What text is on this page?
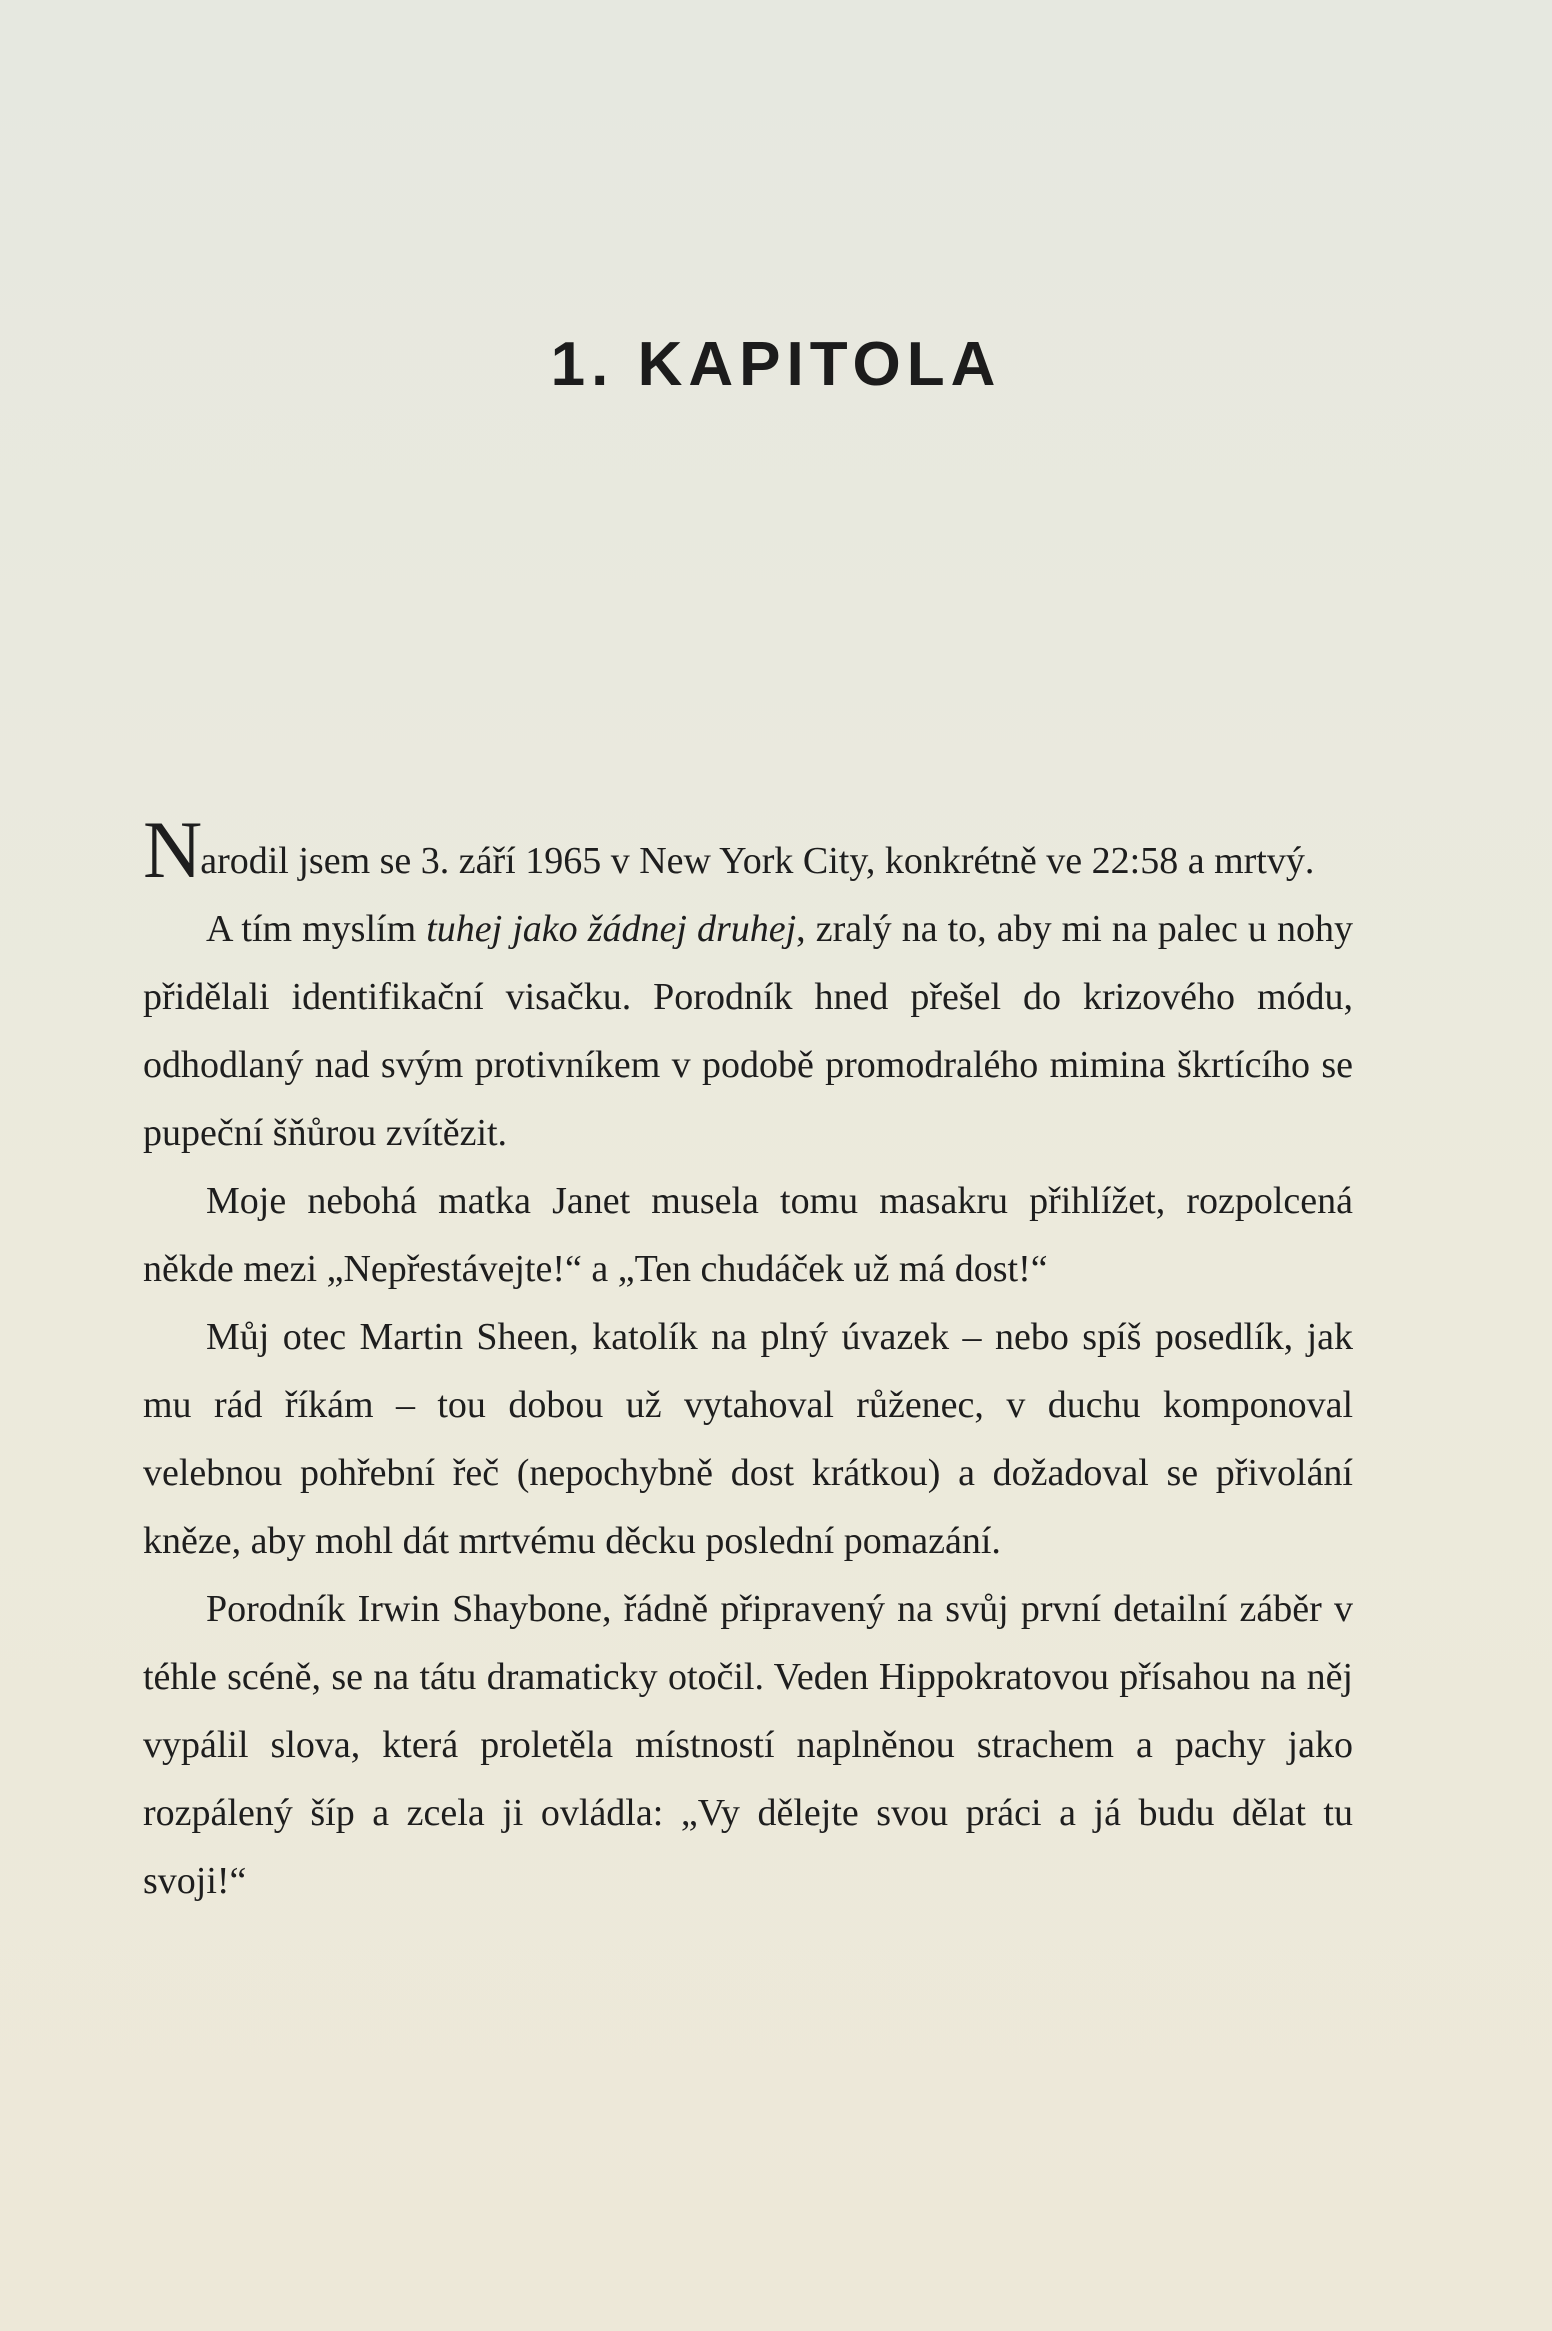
1. KAPITOLA

Narodil jsem se 3. září 1965 v New York City, konkrétně ve 22:58 a mrtvý.

A tím myslím tuhej jako žádnej druhej, zralý na to, aby mi na palec u nohy přidělali identifikační visačku. Porodník hned přešel do krizového módu, odhodlaný nad svým protivníkem v podobě promodralého mimina škrtícího se pupeční šňůrou zvítězit.

Moje nebohá matka Janet musela tomu masakru přihlížet, rozpolcená někde mezi „Nepřestávejte!“ a „Ten chudáček už má dost!“

Můj otec Martin Sheen, katolík na plný úvazek – nebo spíš posedlík, jak mu rád říkám – tou dobou už vytahoval růženec, v duchu komponoval velebnou pohřební řeč (nepochybně dost krátkou) a dožadoval se přivolání kněze, aby mohl dát mrtvému děcku poslední pomazání.

Porodník Irwin Shaybone, řádně připravený na svůj první detailní záběr v téhle scéně, se na tátu dramaticky otočil. Veden Hippokratovou přísahou na něj vypálil slova, která proletěla místností naplněnou strachem a pachy jako rozpálený šíp a zcela ji ovládla: „Vy dělejte svou práci a já budu dělat tu svoji!“
